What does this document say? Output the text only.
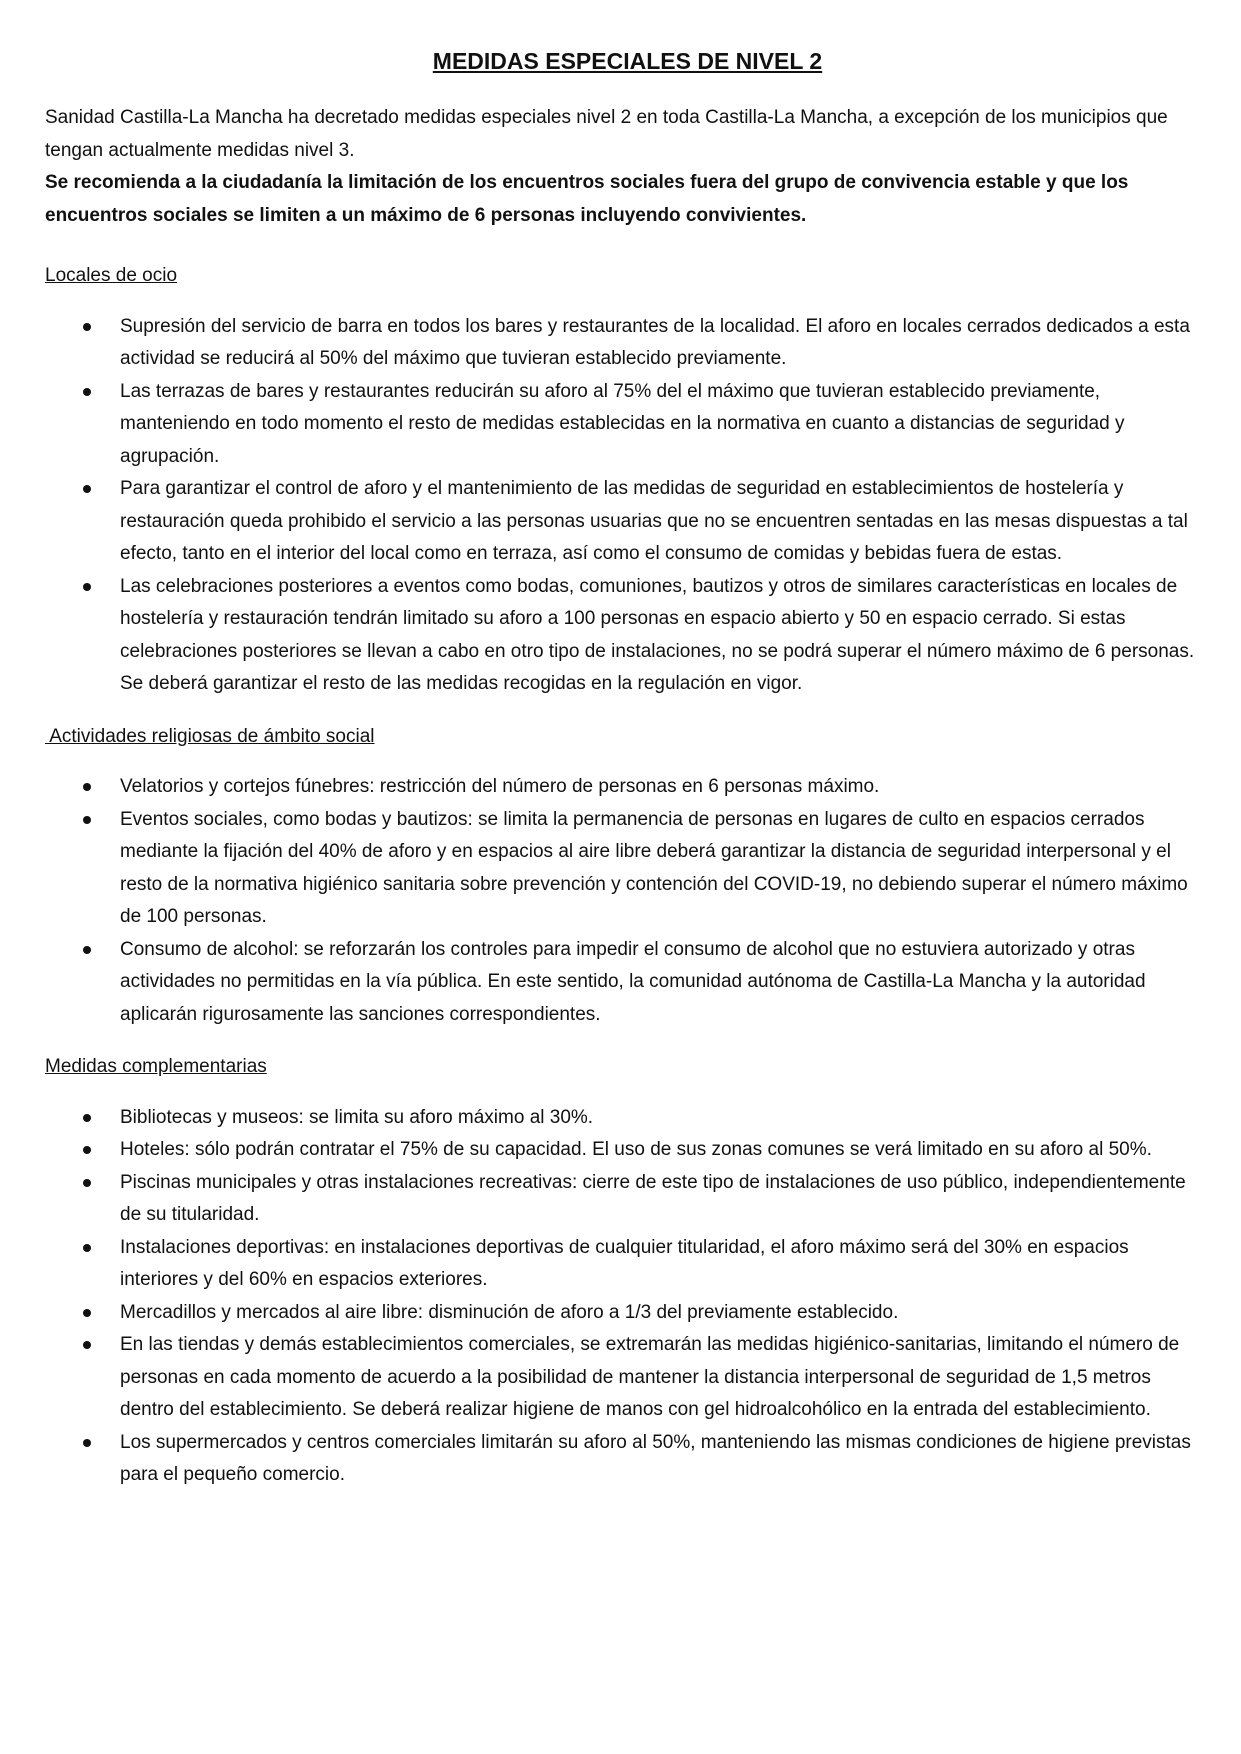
MEDIDAS ESPECIALES DE NIVEL 2

Sanidad Castilla-La Mancha ha decretado medidas especiales nivel 2 en toda Castilla-La Mancha, a excepción de los municipios que tengan actualmente medidas nivel 3.

Se recomienda a la ciudadanía la limitación de los encuentros sociales fuera del grupo de convivencia estable y que los encuentros sociales se limiten a un máximo de 6 personas incluyendo convivientes.

Locales de ocio
Supresión del servicio de barra en todos los bares y restaurantes de la localidad. El aforo en locales cerrados dedicados a esta actividad se reducirá al 50% del máximo que tuvieran establecido previamente.
Las terrazas de bares y restaurantes reducirán su aforo al 75% del el máximo que tuvieran establecido previamente, manteniendo en todo momento el resto de medidas establecidas en la normativa en cuanto a distancias de seguridad y agrupación.
Para garantizar el control de aforo y el mantenimiento de las medidas de seguridad en establecimientos de hostelería y restauración queda prohibido el servicio a las personas usuarias que no se encuentren sentadas en las mesas dispuestas a tal efecto, tanto en el interior del local como en terraza, así como el consumo de comidas y bebidas fuera de estas.
Las celebraciones posteriores a eventos como bodas, comuniones, bautizos y otros de similares características en locales de hostelería y restauración tendrán limitado su aforo a 100 personas en espacio abierto y 50 en espacio cerrado. Si estas celebraciones posteriores se llevan a cabo en otro tipo de instalaciones, no se podrá superar el número máximo de 6 personas. Se deberá garantizar el resto de las medidas recogidas en la regulación en vigor.
Actividades religiosas de ámbito social
Velatorios y cortejos fúnebres: restricción del número de personas en 6 personas máximo.
Eventos sociales, como bodas y bautizos: se limita la permanencia de personas en lugares de culto en espacios cerrados mediante la fijación del 40% de aforo y en espacios al aire libre deberá garantizar la distancia de seguridad interpersonal y el resto de la normativa higiénico sanitaria sobre prevención y contención del COVID-19, no debiendo superar el número máximo de 100 personas.
Consumo de alcohol: se reforzarán los controles para impedir el consumo de alcohol que no estuviera autorizado y otras actividades no permitidas en la vía pública. En este sentido, la comunidad autónoma de Castilla-La Mancha y la autoridad aplicarán rigurosamente las sanciones correspondientes.
Medidas complementarias
Bibliotecas y museos: se limita su aforo máximo al 30%.
Hoteles: sólo podrán contratar el 75% de su capacidad. El uso de sus zonas comunes se verá limitado en su aforo al 50%.
Piscinas municipales y otras instalaciones recreativas: cierre de este tipo de instalaciones de uso público, independientemente de su titularidad.
Instalaciones deportivas: en instalaciones deportivas de cualquier titularidad, el aforo máximo será del 30% en espacios interiores y del 60% en espacios exteriores.
Mercadillos y mercados al aire libre: disminución de aforo a 1/3 del previamente establecido.
En las tiendas y demás establecimientos comerciales, se extremarán las medidas higiénico-sanitarias, limitando el número de personas en cada momento de acuerdo a la posibilidad de mantener la distancia interpersonal de seguridad de 1,5 metros dentro del establecimiento. Se deberá realizar higiene de manos con gel hidroalcohólico en la entrada del establecimiento.
Los supermercados y centros comerciales limitarán su aforo al 50%, manteniendo las mismas condiciones de higiene previstas para el pequeño comercio.
